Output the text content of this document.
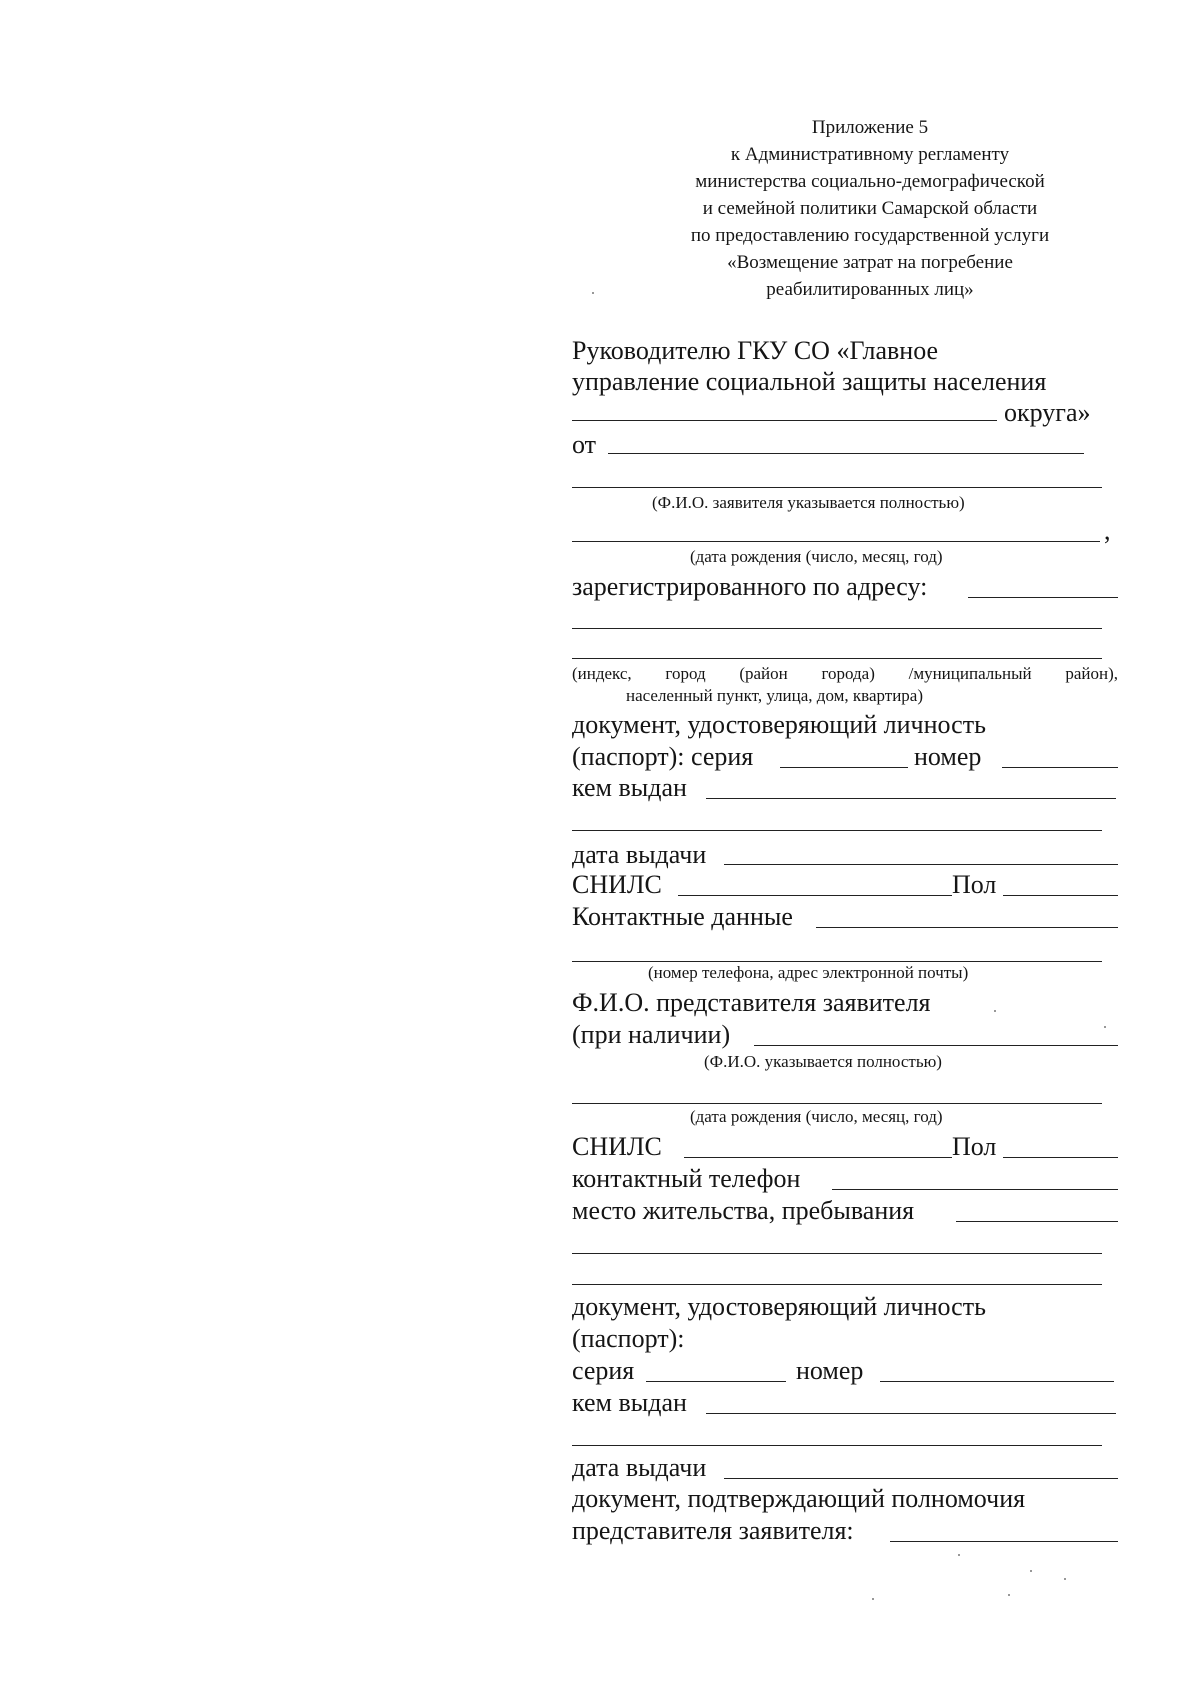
Приложение 5
к Административному регламенту
министерства социально-демографической
и семейной политики Самарской области
по предоставлению государственной услуги
«Возмещение затрат на погребение
реабилитированных лиц»
Руководителю ГКУ СО «Главное
управление социальной защиты населения
округа»
от
(Ф.И.О. заявителя указывается полностью)
,
(дата рождения (число, месяц, год)
зарегистрированного по адресу:
(индекс, город (район города) /муниципальный район),
населенный пункт, улица, дом, квартира)
документ, удостоверяющий личность
(паспорт): серия	номер
кем выдан
дата выдачи
СНИЛС	Пол
Контактные данные
(номер телефона, адрес электронной почты)
Ф.И.О. представителя заявителя
(при наличии)
(Ф.И.О. указывается полностью)
(дата рождения (число, месяц, год)
СНИЛС	Пол
контактный телефон
место жительства, пребывания
документ, удостоверяющий личность
(паспорт):
серия	номер
кем выдан
дата выдачи
документ, подтверждающий полномочия
представителя заявителя:
